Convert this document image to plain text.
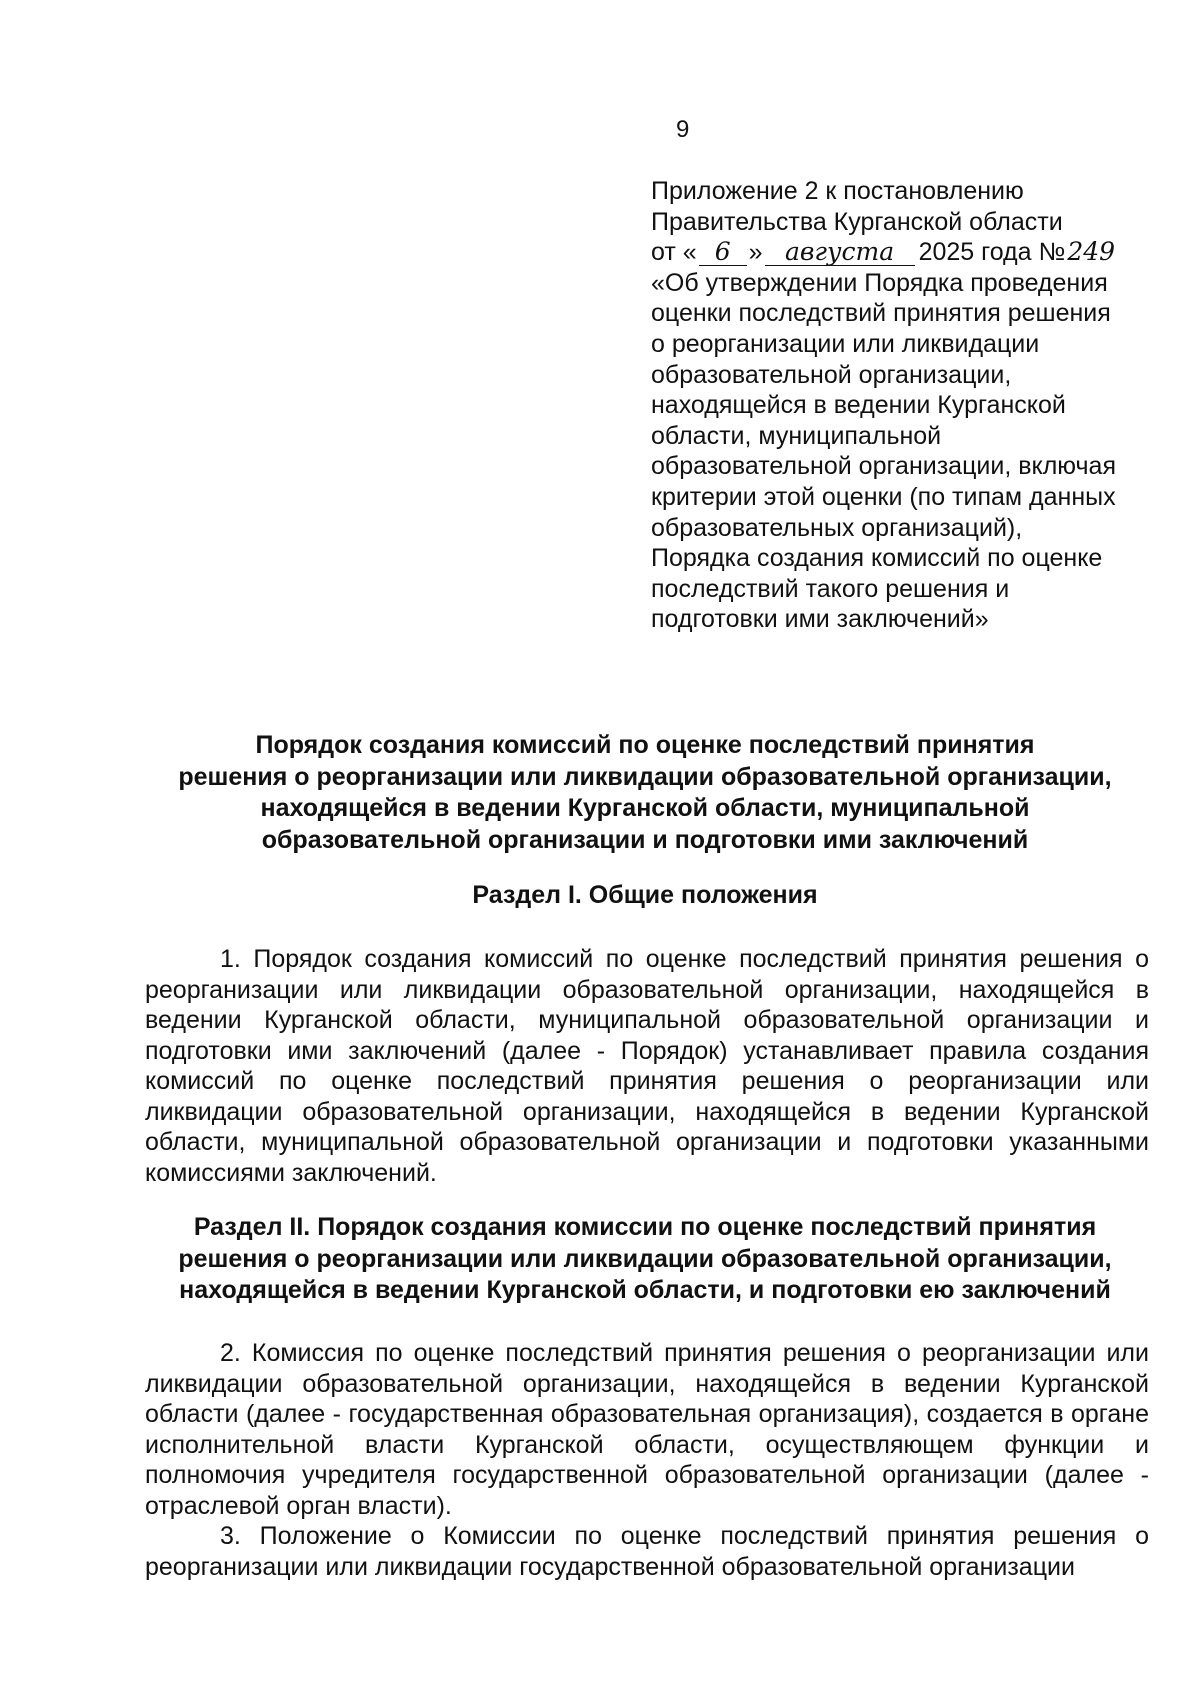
9
Приложение 2 к постановлению
Правительства Курганской области
от « 6 » августа 2025 года №249
«Об утверждении Порядка проведения
оценки последствий принятия решения
о реорганизации или ликвидации
образовательной организации,
находящейся в ведении Курганской
области, муниципальной
образовательной организации, включая
критерии этой оценки (по типам данных
образовательных организаций),
Порядка создания комиссий по оценке
последствий такого решения и
подготовки ими заключений»
Порядок создания комиссий по оценке последствий принятия
решения о реорганизации или ликвидации образовательной организации,
находящейся в ведении Курганской области, муниципальной
образовательной организации и подготовки ими заключений
Раздел I. Общие положения
1. Порядок создания комиссий по оценке последствий принятия решения о реорганизации или ликвидации образовательной организации, находящейся в ведении Курганской области, муниципальной образовательной организации и подготовки ими заключений (далее - Порядок) устанавливает правила создания комиссий по оценке последствий принятия решения о реорганизации или ликвидации образовательной организации, находящейся в ведении Курганской области, муниципальной образовательной организации и подготовки указанными комиссиями заключений.
Раздел II. Порядок создания комиссии по оценке последствий принятия
решения о реорганизации или ликвидации образовательной организации,
находящейся в ведении Курганской области, и подготовки ею заключений
2. Комиссия по оценке последствий принятия решения о реорганизации или ликвидации образовательной организации, находящейся в ведении Курганской области (далее - государственная образовательная организация), создается в органе исполнительной власти Курганской области, осуществляющем функции и полномочия учредителя государственной образовательной организации (далее - отраслевой орган власти).
3. Положение о Комиссии по оценке последствий принятия решения о реорганизации или ликвидации государственной образовательной организации
